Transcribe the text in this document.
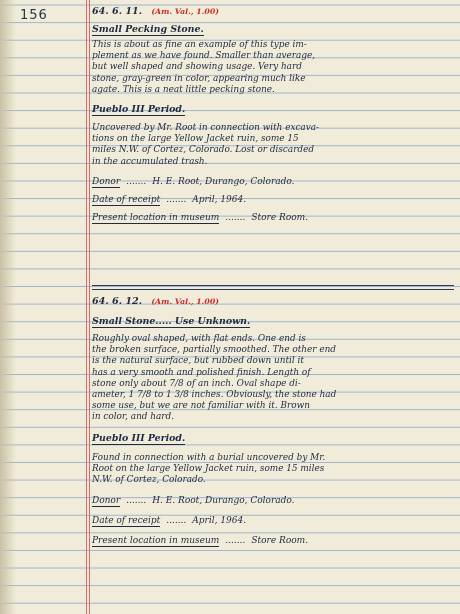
156	64. 6. 11. (Am. Val., 1.00)
Small Pecking Stone.
This is about as fine an example of this type im-
plement as we have found. Smaller than average,
but well shaped and showing usage. Very hard
stone, gray-green in color, appearing much like
agate. This is a neat little pecking stone.
Pueblo III Period.
Uncovered by Mr. Root in connection with excava-
tions on the large Yellow Jacket ruin, some 15
miles N.W. of Cortez, Colorado. Lost or discarded
in the accumulated trash.
Donor ....... H. E. Root, Durango, Colorado.
Date of receipt ....... April, 1964.
Present location in museum ....... Store Room.
64. 6. 12. (Am. Val., 1.00)
Small Stone..... Use Unknown.
Roughly oval shaped, with flat ends. One end is
the broken surface, partially smoothed. The other end
is the natural surface, but rubbed down until it
has a very smooth and polished finish. Length of
stone only about 7/8 of an inch. Oval shape di-
ameter, 1 7/8 to 1 3/8 inches. Obviously, the stone had
some use, but we are not familiar with it. Brown
in color, and hard.
Pueblo III Period.
Found in connection with a burial uncovered by Mr.
Root on the large Yellow Jacket ruin, some 15 miles
N.W. of Cortez, Colorado.
Donor ....... H. E. Root, Durango, Colorado.
Date of receipt ....... April, 1964.
Present location in museum ....... Store Room.
